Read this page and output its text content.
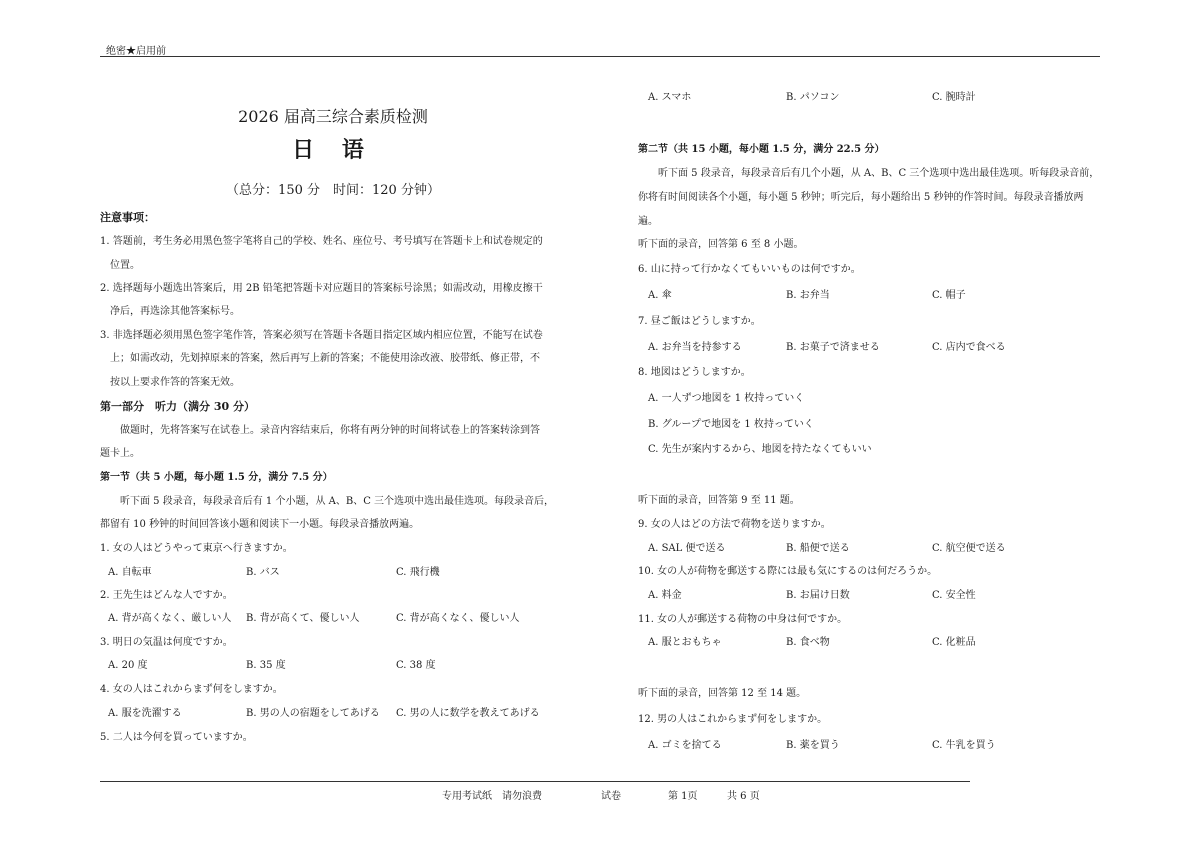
绝密★启用前
2026 届高三综合素质检测
日 语
（总分：150 分　时间：120 分钟）
注意事项：
1. 答题前，考生务必用黑色签字笔将自己的学校、姓名、座位号、考号填写在答题卡上和试卷规定的
位置。
2. 选择题每小题选出答案后，用 2B 铅笔把答题卡对应题目的答案标号涂黑；如需改动，用橡皮擦干
净后，再选涂其他答案标号。
3. 非选择题必须用黑色签字笔作答，答案必须写在答题卡各题目指定区域内相应位置，不能写在试卷
上；如需改动，先划掉原来的答案，然后再写上新的答案；不能使用涂改液、胶带纸、修正带，不
按以上要求作答的答案无效。
第一部分　听力（满分 30 分）
做题时，先将答案写在试卷上。录音内容结束后，你将有两分钟的时间将试卷上的答案转涂到答
题卡上。
第一节（共 5 小题，每小题 1.5 分，满分 7.5 分）
听下面 5 段录音，每段录音后有 1 个小题，从 A、B、C 三个选项中选出最佳选项。每段录音后，
都留有 10 秒钟的时间回答该小题和阅读下一小题。每段录音播放两遍。
1. 女の人はどうやって東京へ行きますか。
A. 自転車	B. バス	C. 飛行機
2. 王先生はどんな人ですか。
A. 背が高くなく、厳しい人 B. 背が高くて、優しい人	C. 背が高くなく、優しい人
3. 明日の気温は何度ですか。
A. 20 度	B. 35 度	C. 38 度
4. 女の人はこれからまず何をしますか。
A. 服を洗濯する	B. 男の人の宿題をしてあげる C. 男の人に数学を教えてあげる
5. 二人は今何を買っていますか。
A. スマホ	B. パソコン	C. 腕時計
第二节（共 15 小题，每小题 1.5 分，满分 22.5 分）
听下面 5 段录音，每段录音后有几个小题，从 A、B、C 三个选项中选出最佳选项。听每段录音前，
你将有时间阅读各个小题，每小题 5 秒钟；听完后，每小题给出 5 秒钟的作答时间。每段录音播放两
遍。
听下面的录音，回答第 6 至 8 小题。
6. 山に持って行かなくてもいいものは何ですか。
A. 傘	B. お弁当	C. 帽子
7. 昼ご飯はどうしますか。
A. お弁当を持参する	B. お菓子で済ませる	C. 店内で食べる
8. 地図はどうしますか。
A. 一人ずつ地図を 1 枚持っていく
B. グループで地図を 1 枚持っていく
C. 先生が案内するから、地図を持たなくてもいい
听下面的录音，回答第 9 至 11 题。
9. 女の人はどの方法で荷物を送りますか。
A. SAL 便で送る	B. 船便で送る	C. 航空便で送る
10. 女の人が荷物を郵送する際には最も気にするのは何だろうか。
A. 料金	B. お届け日数	C. 安全性
11. 女の人が郵送する荷物の中身は何ですか。
A. 服とおもちゃ	B. 食べ物	C. 化粧品
听下面的录音，回答第 12 至 14 题。
12. 男の人はこれからまず何をしますか。
A. ゴミを捨てる	B. 薬を買う	C. 牛乳を買う
专用考试纸　请勿浪费	试卷	第 1页	共 6 页
